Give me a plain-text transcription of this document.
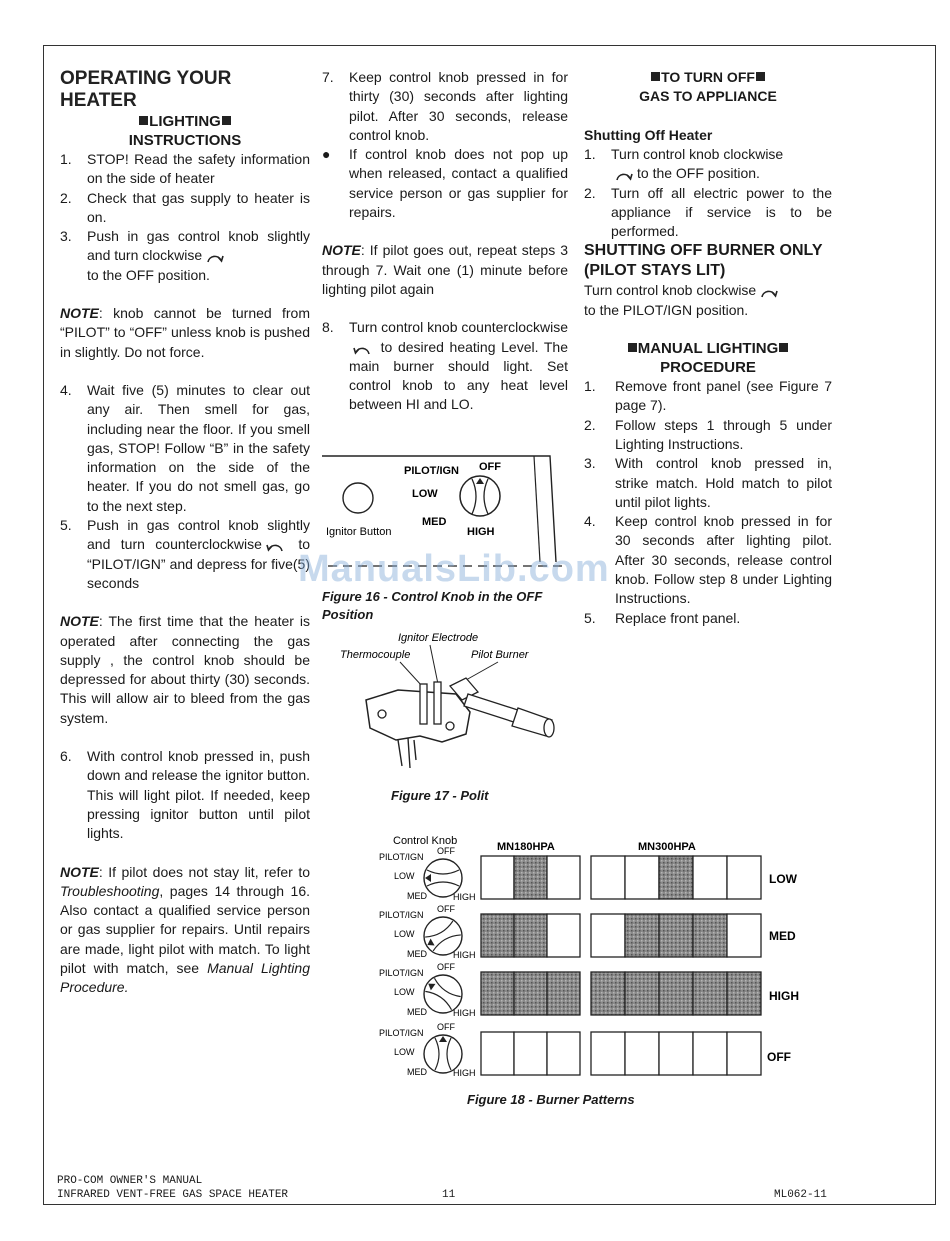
OPERATING YOUR
HEATER
LIGHTING
INSTRUCTIONS
1.	STOP! Read the safety information on the side of heater
2.	Check that gas supply to heater is on.
3.	Push in gas control knob slightly and turn clockwise
to the OFF position.

NOTE: knob cannot be turned from “PILOT” to “OFF” unless knob is pushed in slightly. Do not force.

4.	Wait five (5) minutes to clear out any air. Then smell for gas, including near the floor. If you smell gas, STOP! Follow “B” in the safety information on the side of the heater. If you do not smell gas, go to the next step.
5.	Push in gas control knob slightly and turn counterclockwise	to “PILOT/IGN” and depress for five(5) seconds

NOTE: The first time that the heater is operated after connecting the gas supply , the control knob should be depressed for about thirty (30) seconds. This will allow air to bleed from the gas system.

6.	With control knob pressed in, push down and release the ignitor button. This will light pilot. If needed, keep pressing ignitor button until pilot lights.

NOTE: If pilot does not stay lit, refer to Troubleshooting, pages 14 through 16. Also contact a qualified service person or gas supplier for repairs. Until repairs are made, light pilot with match. To light pilot with match, see Manual Lighting Procedure.

7.	Keep control knob pressed in for thirty (30) seconds after lighting pilot. After 30 seconds, release control knob.
●	If control knob does not pop up when released, contact a qualified service person or gas supplier for repairs.

NOTE: If pilot goes out, repeat steps 3 through 7. Wait one (1) minute before lighting pilot again

8.	Turn control knob counterclockwise to desired heating Level. The main burner should light. Set control knob to any heat level between HI and LO.
Ignitor Button
PILOT/IGN OFF
LOW
MED
HIGH
Figure 16 - Control Knob in the OFF
Position
Ignitor Electrode
Thermocouple	Pilot Burner
Figure 17 - Polit
TO TURN OFF
GAS TO APPLIANCE

Shutting Off Heater

1.	Turn control knob clockwise
to the OFF position.
2.	Turn off all electric power to the appliance if service is to be performed.

SHUTTING OFF BURNER ONLY
(PILOT STAYS LIT)

Turn control knob clockwise
to the PILOT/IGN position.

MANUAL LIGHTING
PROCEDURE
1.	Remove front panel (see Figure 7 page 7).
2.	Follow steps 1 through 5 under Lighting Instructions.
3.	With control knob pressed in, strike match. Hold match to pilot until pilot lights.
4.	Keep control knob pressed in for 30 seconds after lighting pilot. After 30 seconds, release control knob. Follow step 8 under Lighting Instructions.
5.	Replace front panel.
Control Knob	MN180HPA	MN300HPA
PILOT/IGN
OFF
LOW
MED	HIGH
PILOT/IGN
OFF
LOW
MED	HIGH
PILOT/IGN
OFF
LOW
MED	HIGH
PILOT/IGN
OFF
LOW
MED	HIGH
LOW
MED
HIGH
OFF
Figure 18 - Burner Patterns
ManualsLib.com
PRO-COM OWNER'S MANUAL
INFRARED VENT-FREE GAS SPACE HEATER	11	ML062-11
